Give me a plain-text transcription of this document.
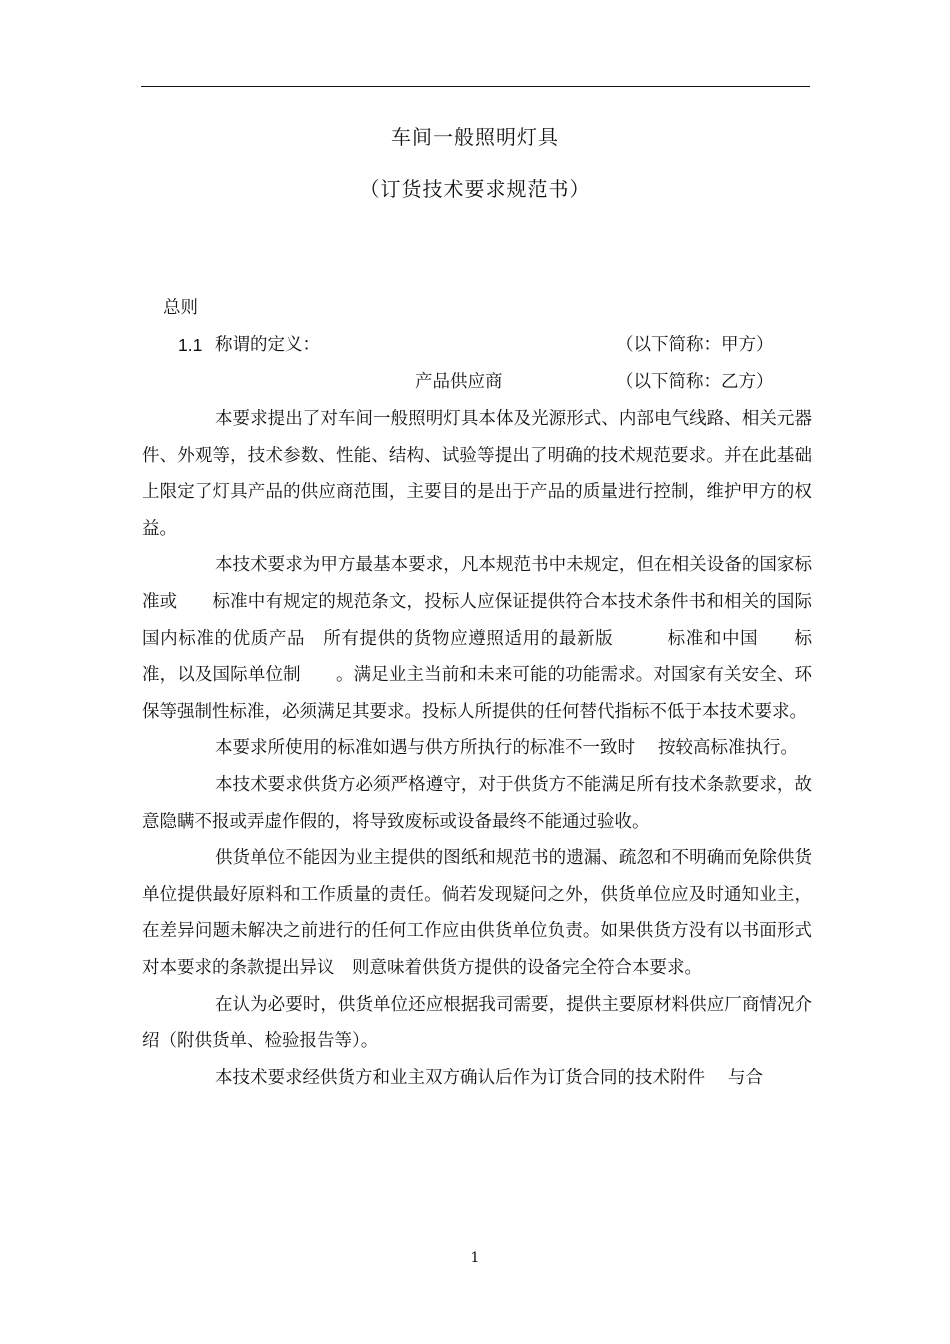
车间一般照明灯具
（订货技术要求规范书）
总则
1.1 称谓的定义：	（以下简称：甲方）
产品供应商	（以下简称：乙方）

本要求提出了对车间一般照明灯具本体及光源形式、内部电气线路、相关元器件、外观等，技术参数、性能、结构、试验等提出了明确的技术规范要求。并在此基础上限定了灯具产品的供应商范围，主要目的是出于产品的质量进行控制，维护甲方的权益。

本技术要求为甲方最基本要求，凡本规范书中未规定，但在相关设备的国家标准或　　标准中有规定的规范条文，投标人应保证提供符合本技术条件书和相关的国际国内标准的优质产品　所有提供的货物应遵照适用的最新版　　　标准和中国　　标准，以及国际单位制　　。满足业主当前和未来可能的功能需求。对国家有关安全、环保等强制性标准，必须满足其要求。投标人所提供的任何替代指标不低于本技术要求。

本要求所使用的标准如遇与供方所执行的标准不一致时　 按较高标准执行。

本技术要求供货方必须严格遵守，对于供货方不能满足所有技术条款要求，故意隐瞒不报或弄虚作假的，将导致废标或设备最终不能通过验收。

供货单位不能因为业主提供的图纸和规范书的遗漏、疏忽和不明确而免除供货单位提供最好原料和工作质量的责任。倘若发现疑问之外，供货单位应及时通知业主，在差异问题未解决之前进行的任何工作应由供货单位负责。如果供货方没有以书面形式对本要求的条款提出异议　则意味着供货方提供的设备完全符合本要求。

在认为必要时，供货单位还应根据我司需要，提供主要原材料供应厂商情况介绍（附供货单、检验报告等）。

本技术要求经供货方和业主双方确认后作为订货合同的技术附件　 与合

1
